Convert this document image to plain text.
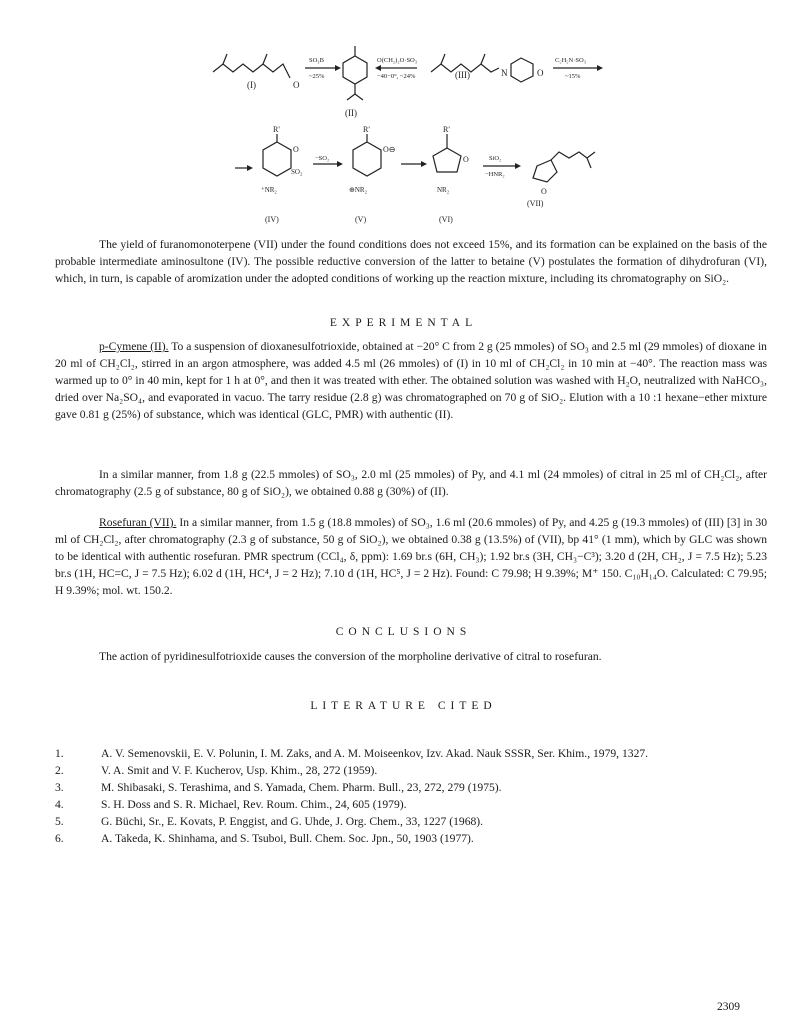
O
(I)
SO₃B
~25%
(II)
O(CH₂)₂O·SO₃
−40−0°, ~24%	N	O
(III)
C₅H₅N·SO₃
~15%
R'
O
SO₂
⁺NR₂
(IV)
−SO₂
R'
O⊖
⊕NR₂
(V)
R'
O
NR₂
(VI)
SiO₂
−HNR₂
O
(VII)
The yield of furanomonoterpene (VII) under the found conditions does not exceed 15%, and its formation can be explained on the basis of the probable intermediate aminosultone (IV). The possible reductive conversion of the latter to betaine (V) postulates the formation of dihydrofuran (VI), which, in turn, is capable of aromization under the adopted conditions of working up the reaction mixture, including its chromatography on SiO₂.
EXPERIMENTAL
p-Cymene (II). To a suspension of dioxanesulfotrioxide, obtained at −20° C from 2 g (25 mmoles) of SO₃ and 2.5 ml (29 mmoles) of dioxane in 20 ml of CH₂Cl₂, stirred in an argon atmosphere, was added 4.5 ml (26 mmoles) of (I) in 10 ml of CH₂Cl₂ in 10 min at −40°. The reaction mass was warmed up to 0° in 40 min, kept for 1 h at 0°, and then it was treated with ether. The obtained solution was washed with H₂O, neutralized with NaHCO₃, dried over Na₂SO₄, and evaporated in vacuo. The tarry residue (2.8 g) was chromatographed on 70 g of SiO₂. Elution with a 10 :1 hexane−ether mixture gave 0.81 g (25%) of substance, which was identical (GLC, PMR) with authentic (II).
In a similar manner, from 1.8 g (22.5 mmoles) of SO₃, 2.0 ml (25 mmoles) of Py, and 4.1 ml (24 mmoles) of citral in 25 ml of CH₂Cl₂, after chromatography (2.5 g of substance, 80 g of SiO₂), we obtained 0.88 g (30%) of (II).
Rosefuran (VII). In a similar manner, from 1.5 g (18.8 mmoles) of SO₃, 1.6 ml (20.6 mmoles) of Py, and 4.25 g (19.3 mmoles) of (III) [3] in 30 ml of CH₂Cl₂, after chromatography (2.3 g of substance, 50 g of SiO₂), we obtained 0.38 g (13.5%) of (VII), bp 41° (1 mm), which by GLC was shown to be identical with authentic rosefuran. PMR spectrum (CCl₄, δ, ppm): 1.69 br.s (6H, CH₃); 1.92 br.s (3H, CH₃−C³); 3.20 d (2H, CH₂, J = 7.5 Hz); 5.23 br.s (1H, HC=C, J = 7.5 Hz); 6.02 d (1H, HC⁴, J = 2 Hz); 7.10 d (1H, HC⁵, J = 2 Hz). Found: C 79.98; H 9.39%; M⁺ 150. C₁₀H₁₄O. Calculated: C 79.95; H 9.39%; mol. wt. 150.2.
CONCLUSIONS
The action of pyridinesulfotrioxide causes the conversion of the morpholine derivative of citral to rosefuran.
LITERATURE CITED
1.	A. V. Semenovskii, E. V. Polunin, I. M. Zaks, and A. M. Moiseenkov, Izv. Akad. Nauk SSSR, Ser. Khim., 1979, 1327.
2.	V. A. Smit and V. F. Kucherov, Usp. Khim., 28, 272 (1959).
3.	M. Shibasaki, S. Terashima, and S. Yamada, Chem. Pharm. Bull., 23, 272, 279 (1975).
4.	S. H. Doss and S. R. Michael, Rev. Roum. Chim., 24, 605 (1979).
5.	G. Büchi, Sr., E. Kovats, P. Enggist, and G. Uhde, J. Org. Chem., 33, 1227 (1968).
6.	A. Takeda, K. Shinhama, and S. Tsuboi, Bull. Chem. Soc. Jpn., 50, 1903 (1977).
2309
